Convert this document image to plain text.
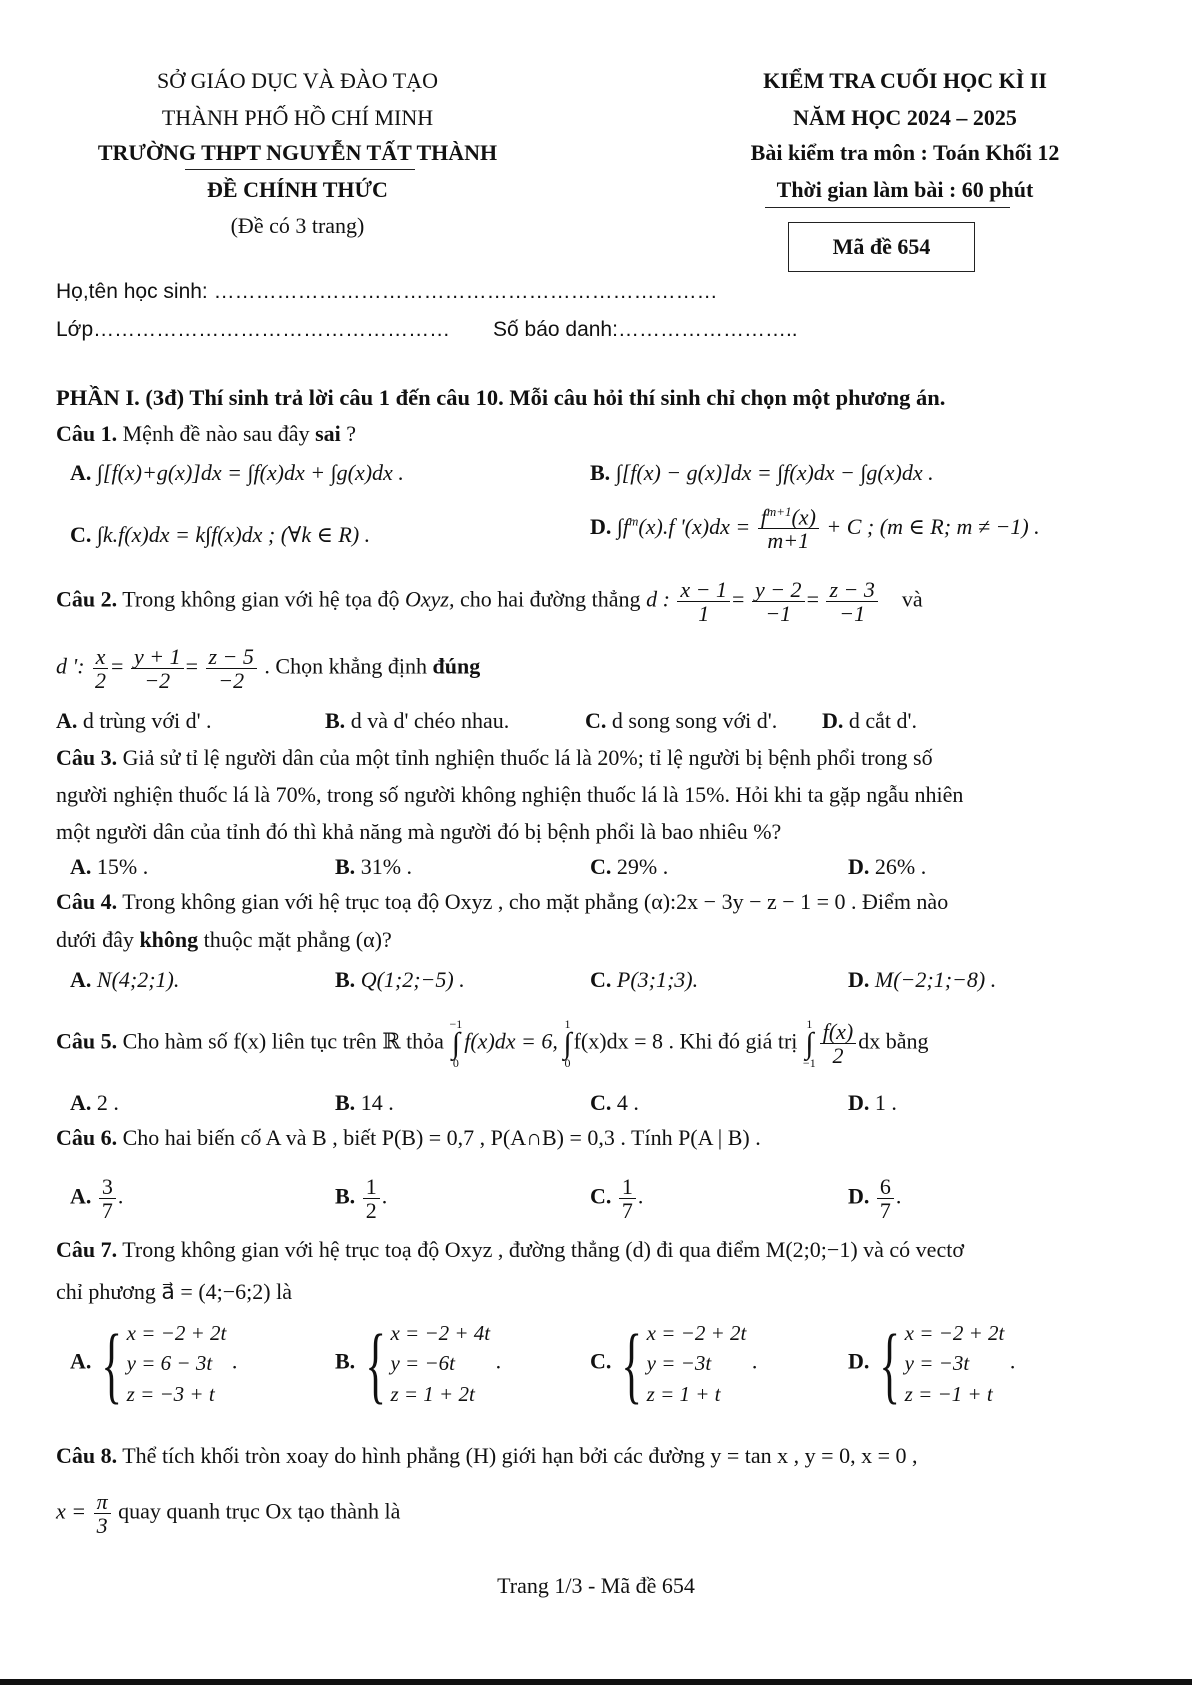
SỞ GIÁO DỤC VÀ ĐÀO TẠO
THÀNH PHỐ HỒ CHÍ MINH
TRƯỜNG THPT NGUYỄN TẤT THÀNH
ĐỀ CHÍNH THỨC
(Đề có 3 trang)
KIỂM TRA CUỐI HỌC KÌ II
NĂM HỌC 2024 – 2025
Bài kiểm tra môn : Toán Khối 12
Thời gian làm bài : 60 phút
Mã đề 654
Họ,tên học sinh: ………………………………………………………………
Lớp…………………………………………… Số báo danh:……………………..
PHẦN I. (3đ) Thí sinh trả lời câu 1 đến câu 10. Mỗi câu hỏi thí sinh chỉ chọn một phương án.
Câu 1. Mệnh đề nào sau đây sai ?
A. ∫[f(x)+g(x)]dx = ∫f(x)dx + ∫g(x)dx .	B. ∫[f(x) − g(x)]dx = ∫f(x)dx − ∫g(x)dx .
C. ∫k.f(x)dx = k∫f(x)dx ; (∀k ∈ R) .	D. $\int f^m(x).f$ '$(x)dx = \frac{f^{m+1}(x)}{m+1} + C$ ; (m ∈ R; m ≠ −1) .
Câu 2. Trong không gian với hệ tọa độ Oxyz, cho hai đường thẳng d : $\frac{x - 1}{1} = \frac{y - 2}{-1} = \frac{z - 3}{-1}$ và
d ': $\frac{x}{2} = \frac{y + 1}{-2} = \frac{z - 5}{-2}$ . Chọn khẳng định đúng
A. d trùng với d' .	B. d và d' chéo nhau.	C. d song song với d'. D. d cắt d'.
Câu 3. Giả sử tỉ lệ người dân của một tỉnh nghiện thuốc lá là 20%; tỉ lệ người bị bệnh phổi trong số
người nghiện thuốc lá là 70%, trong số người không nghiện thuốc lá là 15%. Hỏi khi ta gặp ngẫu nhiên
một người dân của tỉnh đó thì khả năng mà người đó bị bệnh phổi là bao nhiêu %?
A. 15% .	B. 31% .	C. 29% .	D. 26% .
Câu 4. Trong không gian với hệ trục toạ độ Oxyz , cho mặt phẳng (α):2x − 3y − z − 1 = 0 . Điểm nào
dưới đây không thuộc mặt phẳng (α)?
A. N(4;2;1).	B. Q(1;2;−5) .	C. P(3;1;3).	D. M(−2;1;−8) .
Câu 5. Cho hàm số f(x) liên tục trên ℝ thỏa
−1
∫
0
f(x)dx = 6,
1
∫
0
f(x)dx = 8 . Khi đó giá trị
1
∫
$-1 \frac{f(x)}{2}$ dx bằng
A. 2 .	B. 14 .	C. 4 .	D. 1 .
Câu 6. Cho hai biến cố A và B , biết P(B) = 0,7 , P(A∩B) = 0,3 . Tính P(A | B) .
A. $\frac{3}{7}$ .	B. $\frac{1}{2}$ .	C. $\frac{1}{7}$ .	D. $\frac{6}{7}$ .
Câu 7. Trong không gian với hệ trục toạ độ Oxyz , đường thẳng (d) đi qua điểm M(2;0;−1) và có vectơ
chỉ phương a⃗ = (4;−6;2) là
A. { x = −2 + 2t
y = 6 − 3t
z = −3 + t
.	B. { x = −2 + 4t
y = −6t
z = 1 + 2t
.	C. { x = −2 + 2t
y = −3t
z = 1 + t
.	D. { x = −2 + 2t
y = −3t
z = −1 + t
.
Câu 8. Thể tích khối tròn xoay do hình phẳng (H) giới hạn bởi các đường y = tan x , y = 0, x = 0 ,
$x = \frac{\pi}{3}$ quay quanh trục Ox tạo thành là
Trang 1/3 - Mã đề 654
